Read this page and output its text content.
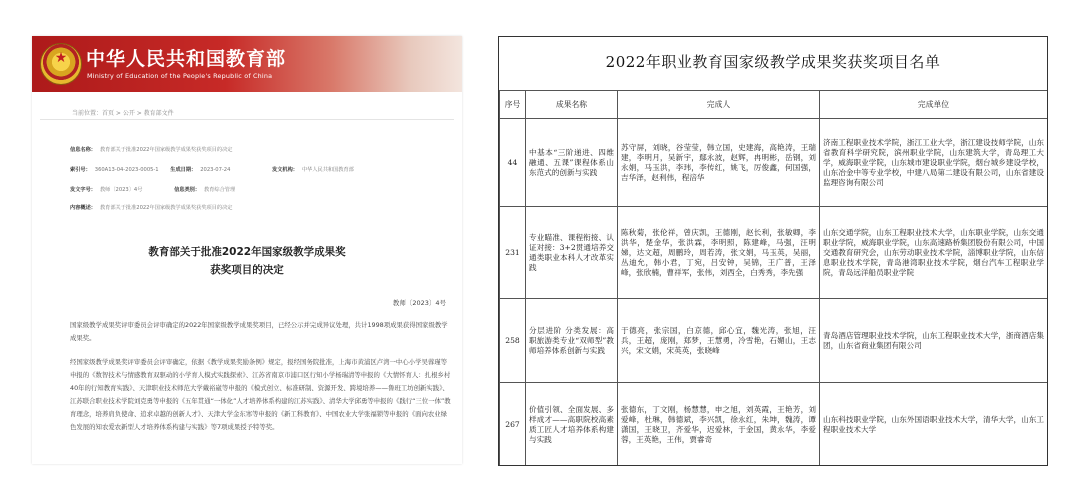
★ 中华人民共和国教育部
Ministry of Education of the People's Republic of China
当前位置：首页 > 公开 > 教育部文件
索引号： 360A13-04-2023-0005-1 生成日期： 2023-07-24	发文机构： 中华人民共和国教育部
信息名称： 教育部关于批准2022年国家级教学成果奖获奖项目的决定
发文字号： 教师〔2023〕4号	信息类别： 教育综合管理
内容概述： 教育部关于批准2022年国家级教学成果奖获奖项目的决定
教育部关于批准2022年国家级教学成果奖
获奖项目的决定
教师〔2023〕4号
国家级教学成果奖评审委员会评审确定的2022年国家级教学成果奖项目，已经公示并完成异议处理，共计1998项成果获得国家级教学成果奖。
经国家级教学成果奖评审委员会评审确定，依据《教学成果奖励条例》规定，报经国务院批准，上海市黄浦区卢湾一中心小学吴蓉瑾等申报的《数智技术与情感教育双驱动的小学育人模式实践探索》、江苏省南京市浦口区行知小学杨瑞清等申报的《大情怀育人：扎根乡村40年的行知教育实践》、天津职业技术师范大学戴裕崴等申报的《模式创立、标准研制、资源开发、跨境培养——鲁班工坊创新实践》、江苏联合职业技术学院刘克勇等申报的《五年贯通“一体化”人才培养体系构建的江苏实践》、清华大学邱勇等申报的《践行“三位一体”教育理念，培养肩负使命、追求卓越的创新人才》、天津大学金东寒等申报的《新工科教育》、中国农业大学张福锁等申报的《面向农业绿色发展的知农爱农新型人才培养体系构建与实践》等7项成果授予特等奖。
2022年职业教育国家级教学成果奖获奖项目名单
序号	成果名称	完成人	完成单位
44	中基本“三阶递进、四维融通、五课”课程体系山东范式的创新与实践	苏守屏，刘晓，谷莹莹，韩立国，史建海，高艳涛，王瑞建，李明月，吴新宇，鄢永波，赵辉，冉明彬，岳钢，刘永娟，马玉洪，李玮，李传红，姚飞，厉俊鑫，何国强，吉华泽，赵利伟，程涪华	济南工程职业技术学院，浙江工业大学，浙江建设技师学院，山东省教育科学研究院，滨州职业学院，山东建筑大学，青岛理工大学，威海职业学院，山东城市建设职业学院，烟台城乡建设学校，山东冶金中等专业学校，中建八局第二建设有限公司，山东省建设监理咨询有限公司
231	专业瞄准、课程衔接、认证对接：3+2贯通培养交通类职业本科人才改革实践	陈秋菊，张伦祥，曾庆凯，王德刚，赵长利，张敏卿，李洪华，楚金华，张洪霖，李明照，陈建峰，马强，汪明娣，达文超，周鹏玲，周若涛，张文娟，马玉英，吴丽，丛迪允，韩小君，丁宛，吕安钟，吴锦，王广普，王泽峰，张欣楠，曹祥军，张伟，刘西全，白秀秀，李先强	山东交通学院，山东工程职业技术大学，山东职业学院，山东交通职业学院，威海职业学院，山东高速路桥集团股份有限公司，中国交通教育研究会，山东劳动职业技术学院，淄博职业学院，山东信息职业技术学院，青岛港湾职业技术学院，烟台汽车工程职业学院，青岛远洋船员职业学院
258	分层进阶 分类发展：高职旅游类专业“双师型”教师培养体系创新与实践	于德亮，张宗国，白京德，邱心宜，魏光涛，张旭，汪兵，王超，庞刚，郑梦，王慧勇，冷雪艳，石媚山，王志兴，宋文娟，宋英英，张晓峰	青岛酒店管理职业技术学院，山东工程职业技术大学，浙商酒店集团，山东省商业集团有限公司
267	价值引领、全面发展、多样成才——高职院校高素质工匠人才培养体系构建与实践	张德东，丁文刚，杨慧慧，申之旭，刘英霞，王艳芳，刘爱峰，杜琳，韩德斌，李兴凯，徐永红，朱坤，魏涛，谭潇国，王晓卫，齐爱华，迟爱林，于金国，黄永华，李爱蓉，王英艳，王伟，贾睿奇	山东科技职业学院，山东外国语职业技术大学，清华大学，山东工程职业技术大学
